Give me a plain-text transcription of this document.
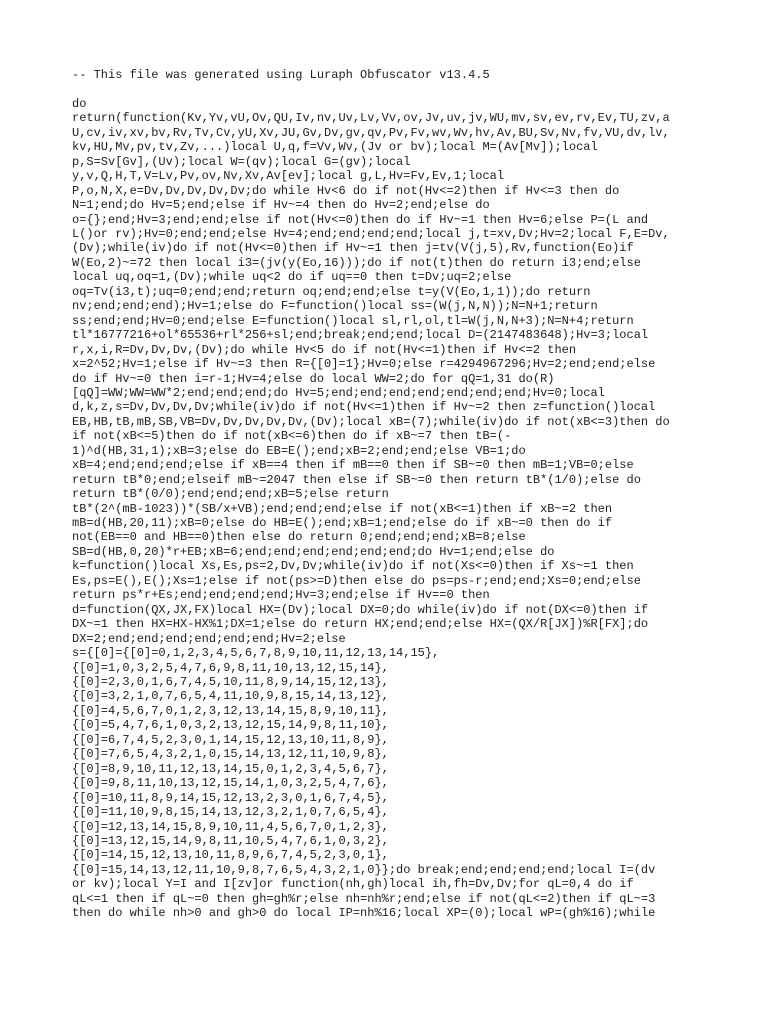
-- This file was generated using Luraph Obfuscator v13.4.5
do
return(function(Kv,Yv,vU,Ov,QU,Iv,nv,Uv,Lv,Vv,ov,Jv,uv,jv,WU,mv,sv,ev,rv,Ev,TU,zv,a
U,cv,iv,xv,bv,Rv,Tv,Cv,yU,Xv,JU,Gv,Dv,gv,qv,Pv,Fv,wv,Wv,hv,Av,BU,Sv,Nv,fv,VU,dv,lv,
kv,HU,Mv,pv,tv,Zv,...)local U,q,f=Vv,Wv,(Jv or bv);local M=(Av[Mv]);local
p,S=Sv[Gv],(Uv);local W=(qv);local G=(gv);local
y,v,Q,H,T,V=Lv,Pv,ov,Nv,Xv,Av[ev];local g,L,Hv=Fv,Ev,1;local
P,o,N,X,e=Dv,Dv,Dv,Dv,Dv;do while Hv<6 do if not(Hv<=2)then if Hv<=3 then do
N=1;end;do Hv=5;end;else if Hv~=4 then do Hv=2;end;else do
o={};end;Hv=3;end;end;else if not(Hv<=0)then do if Hv~=1 then Hv=6;else P=(L and
L()or rv);Hv=0;end;end;else Hv=4;end;end;end;end;local j,t=xv,Dv;Hv=2;local F,E=Dv,
(Dv);while(iv)do if not(Hv<=0)then if Hv~=1 then j=tv(V(j,5),Rv,function(Eo)if
W(Eo,2)~=72 then local i3=(jv(y(Eo,16)));do if not(t)then do return i3;end;else
local uq,oq=1,(Dv);while uq<2 do if uq==0 then t=Dv;uq=2;else
oq=Tv(i3,t);uq=0;end;end;return oq;end;end;else t=y(V(Eo,1,1));do return
nv;end;end;end);Hv=1;else do F=function()local ss=(W(j,N,N));N=N+1;return
ss;end;end;Hv=0;end;else E=function()local sl,rl,ol,tl=W(j,N,N+3);N=N+4;return
tl*16777216+ol*65536+rl*256+sl;end;break;end;end;local D=(2147483648);Hv=3;local
r,x,i,R=Dv,Dv,Dv,(Dv);do while Hv<5 do if not(Hv<=1)then if Hv<=2 then
x=2^52;Hv=1;else if Hv~=3 then R={[0]=1};Hv=0;else r=4294967296;Hv=2;end;end;else
do if Hv~=0 then i=r-1;Hv=4;else do local WW=2;do for qQ=1,31 do(R)
[qQ]=WW;WW=WW*2;end;end;end;do Hv=5;end;end;end;end;end;end;end;Hv=0;local
d,k,z,s=Dv,Dv,Dv,Dv;while(iv)do if not(Hv<=1)then if Hv~=2 then z=function()local
EB,HB,tB,mB,SB,VB=Dv,Dv,Dv,Dv,Dv,(Dv);local xB=(7);while(iv)do if not(xB<=3)then do
if not(xB<=5)then do if not(xB<=6)then do if xB~=7 then tB=(-
1)^d(HB,31,1);xB=3;else do EB=E();end;xB=2;end;end;else VB=1;do
xB=4;end;end;end;else if xB==4 then if mB==0 then if SB~=0 then mB=1;VB=0;else
return tB*0;end;elseif mB~=2047 then else if SB~=0 then return tB*(1/0);else do
return tB*(0/0);end;end;end;xB=5;else return
tB*(2^(mB-1023))*(SB/x+VB);end;end;end;else if not(xB<=1)then if xB~=2 then
mB=d(HB,20,11);xB=0;else do HB=E();end;xB=1;end;else do if xB~=0 then do if
not(EB==0 and HB==0)then else do return 0;end;end;end;xB=8;else
SB=d(HB,0,20)*r+EB;xB=6;end;end;end;end;end;end;do Hv=1;end;else do
k=function()local Xs,Es,ps=2,Dv,Dv;while(iv)do if not(Xs<=0)then if Xs~=1 then
Es,ps=E(),E();Xs=1;else if not(ps>=D)then else do ps=ps-r;end;end;Xs=0;end;else
return ps*r+Es;end;end;end;end;Hv=3;end;else if Hv==0 then
d=function(QX,JX,FX)local HX=(Dv);local DX=0;do while(iv)do if not(DX<=0)then if
DX~=1 then HX=HX-HX%1;DX=1;else do return HX;end;end;else HX=(QX/R[JX])%R[FX];do
DX=2;end;end;end;end;end;end;Hv=2;else
s={[0]={[0]=0,1,2,3,4,5,6,7,8,9,10,11,12,13,14,15},
{[0]=1,0,3,2,5,4,7,6,9,8,11,10,13,12,15,14},
{[0]=2,3,0,1,6,7,4,5,10,11,8,9,14,15,12,13},
{[0]=3,2,1,0,7,6,5,4,11,10,9,8,15,14,13,12},
{[0]=4,5,6,7,0,1,2,3,12,13,14,15,8,9,10,11},
{[0]=5,4,7,6,1,0,3,2,13,12,15,14,9,8,11,10},
{[0]=6,7,4,5,2,3,0,1,14,15,12,13,10,11,8,9},
{[0]=7,6,5,4,3,2,1,0,15,14,13,12,11,10,9,8},
{[0]=8,9,10,11,12,13,14,15,0,1,2,3,4,5,6,7},
{[0]=9,8,11,10,13,12,15,14,1,0,3,2,5,4,7,6},
{[0]=10,11,8,9,14,15,12,13,2,3,0,1,6,7,4,5},
{[0]=11,10,9,8,15,14,13,12,3,2,1,0,7,6,5,4},
{[0]=12,13,14,15,8,9,10,11,4,5,6,7,0,1,2,3},
{[0]=13,12,15,14,9,8,11,10,5,4,7,6,1,0,3,2},
{[0]=14,15,12,13,10,11,8,9,6,7,4,5,2,3,0,1},
{[0]=15,14,13,12,11,10,9,8,7,6,5,4,3,2,1,0}};do break;end;end;end;end;local I=(dv
or kv);local Y=I and I[zv]or function(nh,gh)local ih,fh=Dv,Dv;for qL=0,4 do if
qL<=1 then if qL~=0 then gh=gh%r;else nh=nh%r;end;else if not(qL<=2)then if qL~=3
then do while nh>0 and gh>0 do local IP=nh%16;local XP=(0);local wP=(gh%16);while
